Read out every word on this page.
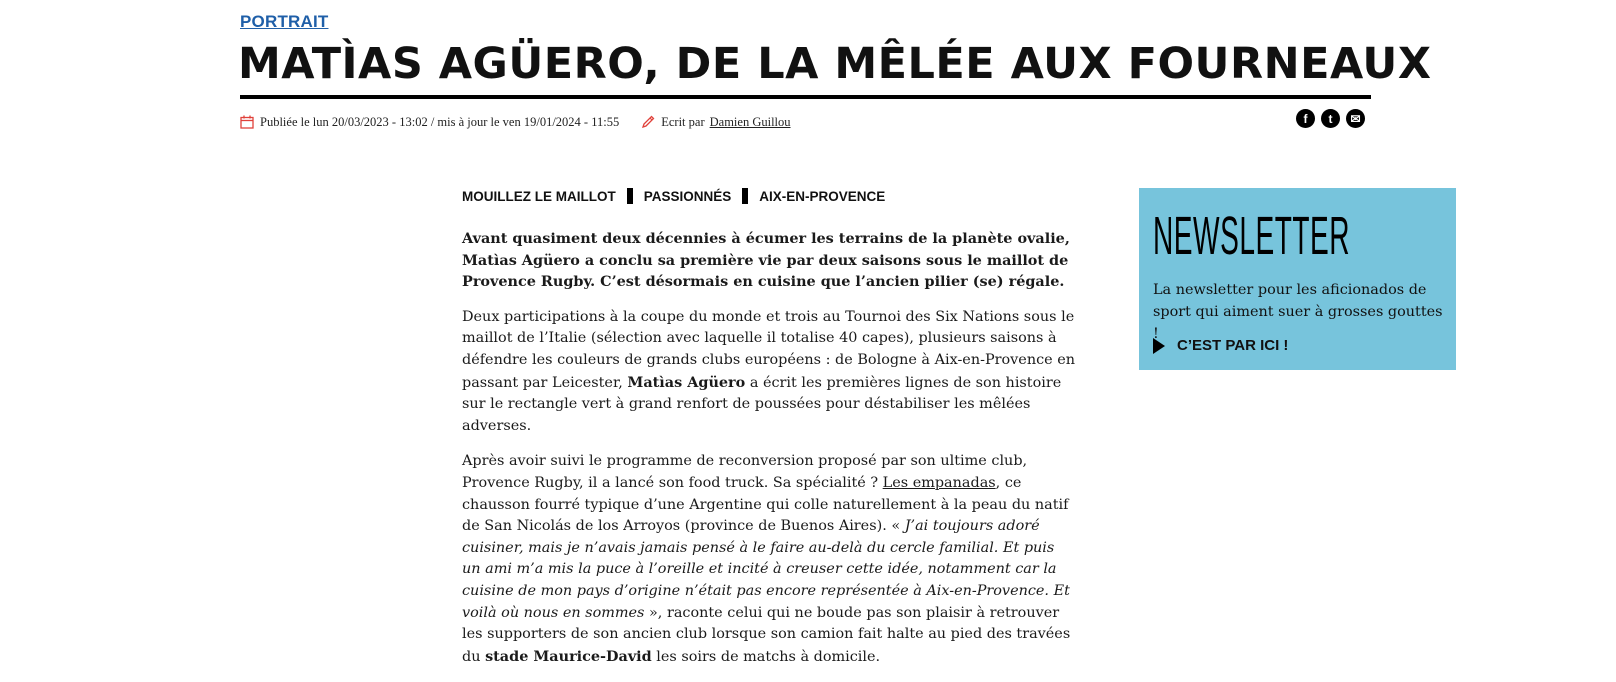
PORTRAIT
MATÌAS AGÜERO, DE LA MÊLÉE AUX FOURNEAUX
Publiée le lun 20/03/2023 - 13:02 / mis à jour le ven 19/01/2024 - 11:55	Ecrit par Damien Guillou	f	t	✉
MOUILLEZ LE MAILLOT PASSIONNÉS AIX-EN-PROVENCE

Avant quasiment deux décennies à écumer les terrains de la planète ovalie, Matìas Agüero a conclu sa première vie par deux saisons sous le maillot de Provence Rugby. C’est désormais en cuisine que l’ancien pilier (se) régale.

Deux participations à la coupe du monde et trois au Tournoi des Six Nations sous le maillot de l’Italie (sélection avec laquelle il totalise 40 capes), plusieurs saisons à défendre les couleurs de grands clubs européens : de Bologne à Aix-en-Provence en passant par Leicester, Matìas Agüero a écrit les premières lignes de son histoire sur le rectangle vert à grand renfort de poussées pour déstabiliser les mêlées adverses.

Après avoir suivi le programme de reconversion proposé par son ultime club, Provence Rugby, il a lancé son food truck. Sa spécialité ? Les empanadas, ce chausson fourré typique d’une Argentine qui colle naturellement à la peau du natif de San Nicolás de los Arroyos (province de Buenos Aires). « J’ai toujours adoré cuisiner, mais je n’avais jamais pensé à le faire au-delà du cercle familial. Et puis un ami m’a mis la puce à l’oreille et incité à creuser cette idée, notamment car la cuisine de mon pays d’origine n’était pas encore représentée à Aix-en-Provence. Et voilà où nous en sommes », raconte celui qui ne boude pas son plaisir à retrouver les supporters de son ancien club lorsque son camion fait halte au pied des travées du stade Maurice-David les soirs de matchs à domicile.

NEWSLETTER
La newsletter pour les aficionados de sport qui aiment suer à grosses gouttes !
C’EST PAR ICI !
